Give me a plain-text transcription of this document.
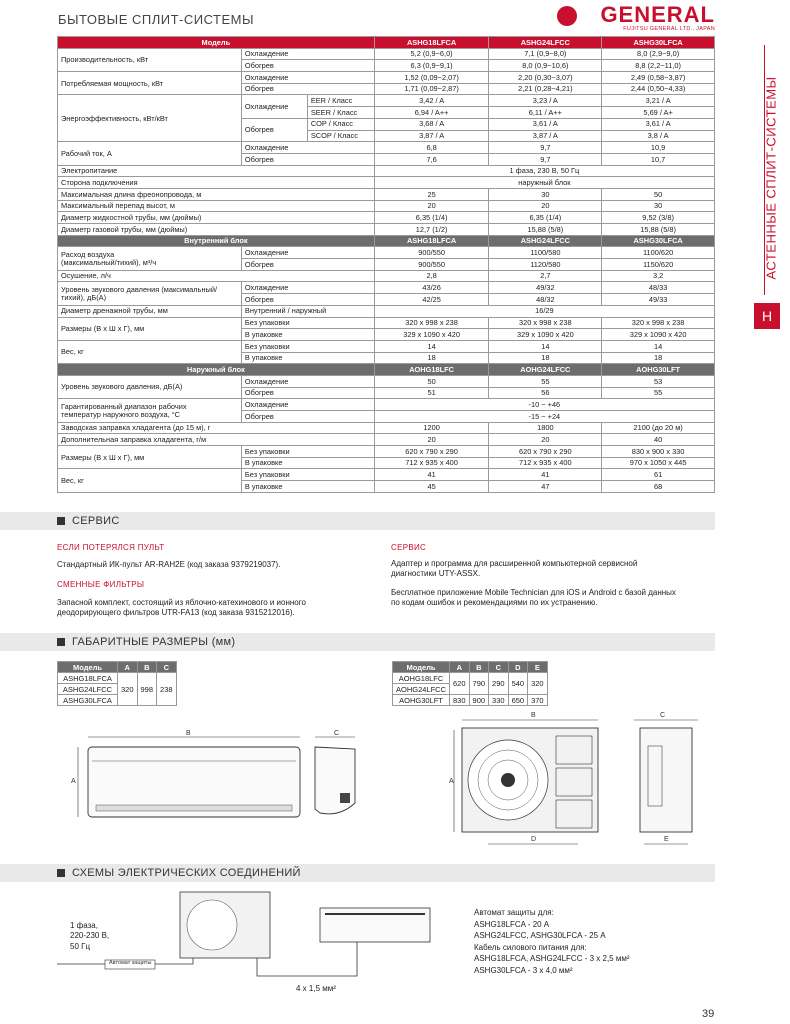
БЫТОВЫЕ СПЛИТ-СИСТЕМЫ	GENERAL
FUJITSU GENERAL LTD., JAPAN
АСТЕННЫЕ СПЛИТ-СИСТЕМЫ
H
Модель			ASHG18LFCA	ASHG24LFCC	ASHG30LFCA
Производительность, кВт	Охлаждение		5,2 (0,9~6,0)	7,1 (0,9~8,0)	8,0 (2,9~9,0)
	Обогрев		6,3 (0,9~9,1)	8,0 (0,9~10,6)	8,8 (2,2~11,0)
Потребляемая мощность, кВт	Охлаждение		1,52 (0,09~2,07)	2,20 (0,30~3,07)	2,49 (0,58~3,87)
	Обогрев		1,71 (0,09~2,87)	2,21 (0,28~4,21)	2,44 (0,50~4,33)
Энергоэффективность, кВт/кВт	Охлаждение	EER / Класс	3,42 / A	3,23 / A	3,21 / A
		SEER / Класс	6,94 / A++	6,11 / A++	5,69 / A+
	Обогрев	COP / Класс	3,68 / A	3,61 / A	3,61 / A
		SCOP / Класс	3,87 / A	3,87 / A	3,8 / A
Рабочий ток, А	Охлаждение		6,8	9,7	10,9
	Обогрев		7,6	9,7	10,7
Электропитание			1 фаза, 230 В, 50 Гц		
Сторона подключения			наружный блок		
Максимальная длина фреонопровода, м			25	30	50
Максимальный перепад высот, м			20	20	30
Диаметр жидкостной трубы, мм (дюймы)			6,35 (1/4)	6,35 (1/4)	9,52 (3/8)
Диаметр газовой трубы, мм (дюймы)			12,7 (1/2)	15,88 (5/8)	15,88 (5/8)
Внутренний блок			ASHG18LFCA	ASHG24LFCC	ASHG30LFCA
Расход воздуха
(максимальный/тихий), м³/ч	Охлаждение		900/550	1100/580	1100/620
	Обогрев		900/550	1120/580	1150/620
Осушение, л/ч			2,8	2,7	3,2
Уровень звукового давления (максимальный/
тихий), дБ(А)	Охлаждение		43/26	49/32	48/33
	Обогрев		42/25	48/32	49/33
Диаметр дренажной трубы, мм	Внутренний / наружный		16/29		
Размеры (В х Ш х Г), мм	Без упаковки		320 х 998 х 238	320 х 998 х 238	320 х 998 х 238
	В упаковке		329 х 1090 х 420	329 х 1090 х 420	329 х 1090 х 420
Вес, кг	Без упаковки		14	14	14
	В упаковке		18	18	18
Наружный блок			AOHG18LFC	AOHG24LFCC	AOHG30LFT
Уровень звукового давления, дБ(А)	Охлаждение		50	55	53
	Обогрев		51	56	55
Гарантированный диапазон рабочих
температур наружного воздуха, °С	Охлаждение		-10 ~ +46		
	Обогрев		-15 ~ +24		
Заводская заправка хладагента (до 15 м), г			1200	1800	2100 (до 20 м)
Дополнительная заправка хладагента, г/м			20	20	40
Размеры (В х Ш х Г), мм	Без упаковки		620 х 790 х 290	620 х 790 х 290	830 х 900 х 330
	В упаковке		712 х 935 х 400	712 х 935 х 400	970 х 1050 х 445
Вес, кг	Без упаковки		41	41	61
	В упаковке		45	47	68
СЕРВИС
ЕСЛИ ПОТЕРЯЛСЯ ПУЛЬТ
Стандартный ИК-пульт AR-RAH2E (код заказа 9379219037).
СМЕННЫЕ ФИЛЬТРЫ
Запасной комплект, состоящий из яблочно-катехинового и ионного
деодорирующего фильтров UTR-FA13 (код заказа 9315212016).
СЕРВИС
Адаптер и программа для расширенной компьютерной сервисной
диагностики UTY-ASSX.
Бесплатное приложение Mobile Technician для iOS и Android с базой данных
по кодам ошибок и рекомендациями по их устранению.
ГАБАРИТНЫЕ РАЗМЕРЫ (мм)
Модель	A	B	C
ASHG18LFCA	320	998	238
ASHG24LFCC			
ASHG30LFCA			
Модель	A	B	C	D	E
AOHG18LFC	620	790	290	540	320
AOHG24LFCC					
AOHG30LFT	830	900	330	650	370
B
A
C
B
A
D
C
E
СХЕМЫ ЭЛЕКТРИЧЕСКИХ СОЕДИНЕНИЙ
1 фаза,
220-230 В,
50 Гц
Автомат защиты
4 х 1,5 мм²
Автомат защиты для:
ASHG18LFCA - 20 А
ASHG24LFCC, ASHG30LFCA - 25 А
Кабель силового питания для:
ASHG18LFCA, ASHG24LFCC - 3 х 2,5 мм²
ASHG30LFCA - 3 х 4,0 мм²
39
